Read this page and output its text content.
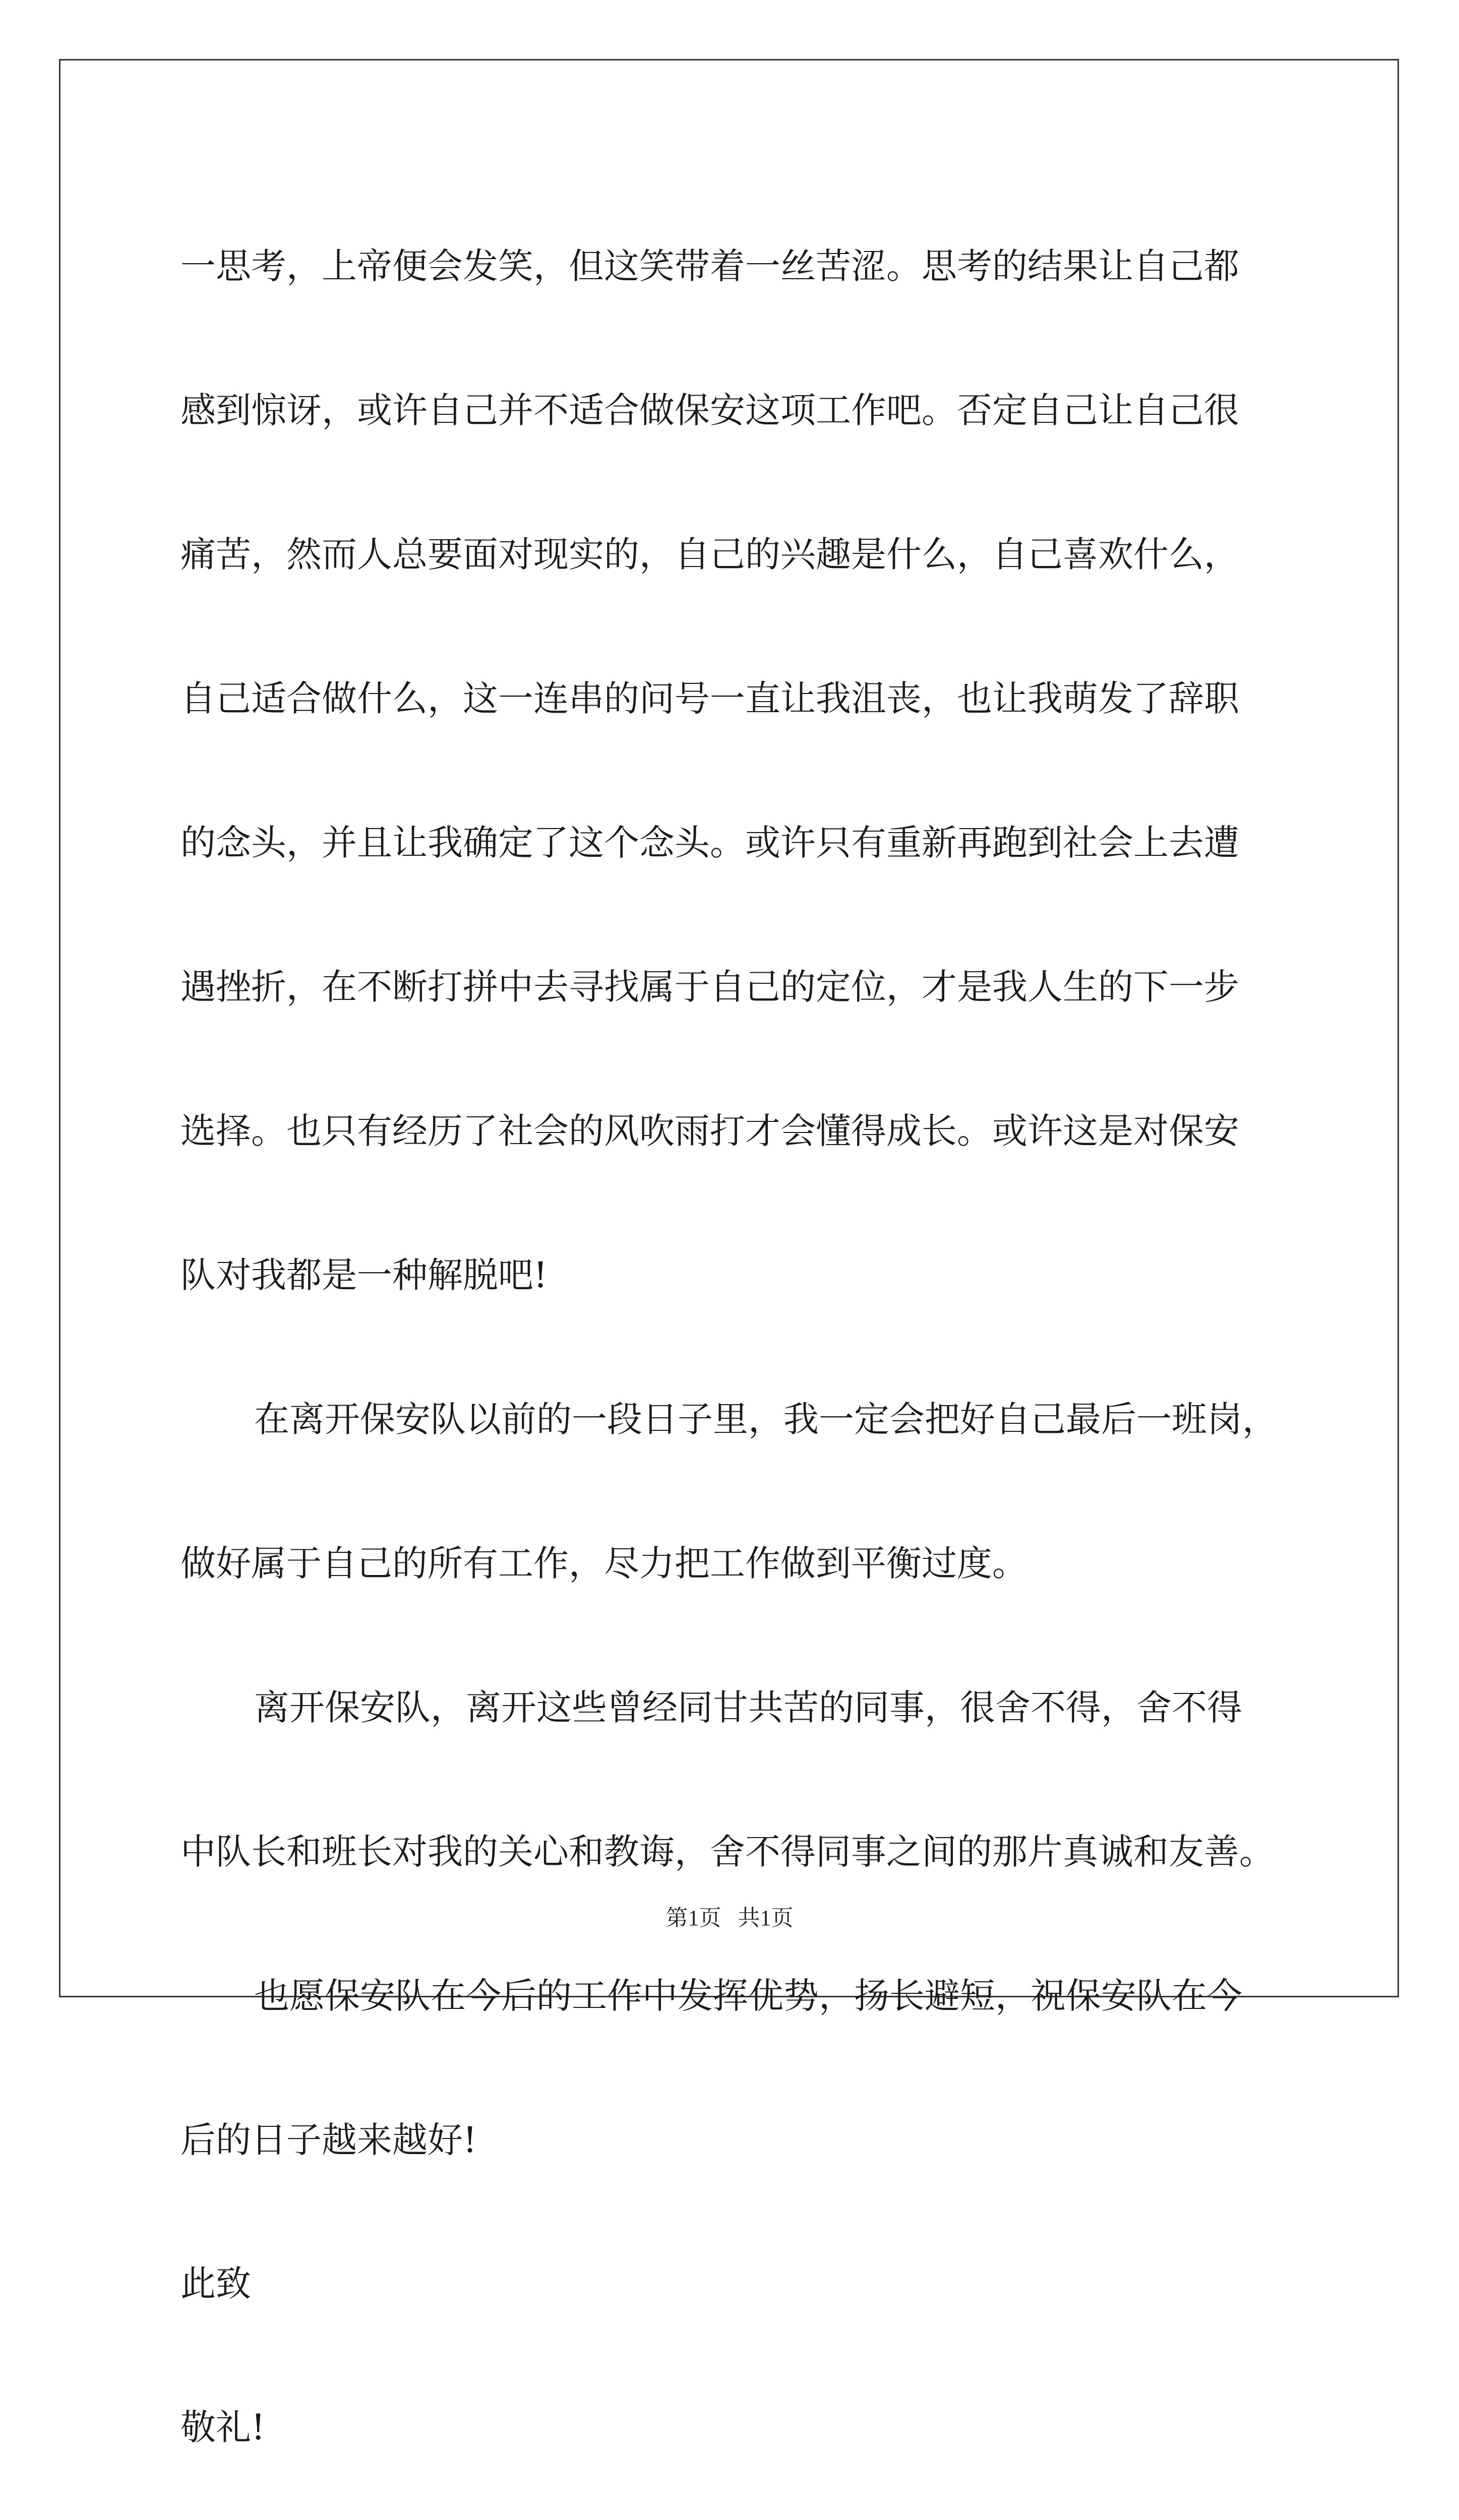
一思考，上帝便会发笑，但这笑带着一丝苦涩。思考的结果让自己都

感到惊讶，或许自己并不适合做保安这项工作吧。否定自己让自己很

痛苦，然而人总要面对现实的，自己的兴趣是什么，自己喜欢什么，

自己适合做什么，这一连串的问号一直让我沮丧，也让我萌发了辞职

的念头，并且让我确定了这个念头。或许只有重新再跑到社会上去遭

遇挫折，在不断打拼中去寻找属于自己的定位，才是我人生的下一步

选择。也只有经历了社会的风吹雨打才会懂得成长。或许这是对保安

队对我都是一种解脱吧!

在离开保安队以前的一段日子里，我一定会把好自己最后一班岗，

做好属于自己的所有工作，尽力把工作做到平衡过度。

离开保安队，离开这些曾经同甘共苦的同事，很舍不得，舍不得

中队长和班长对我的关心和教诲，舍不得同事之间的那片真诚和友善。

也愿保安队在今后的工作中发挥优势，扬长避短，祝保安队在今

后的日子越来越好!

此致

敬礼!

第1页   共1页
